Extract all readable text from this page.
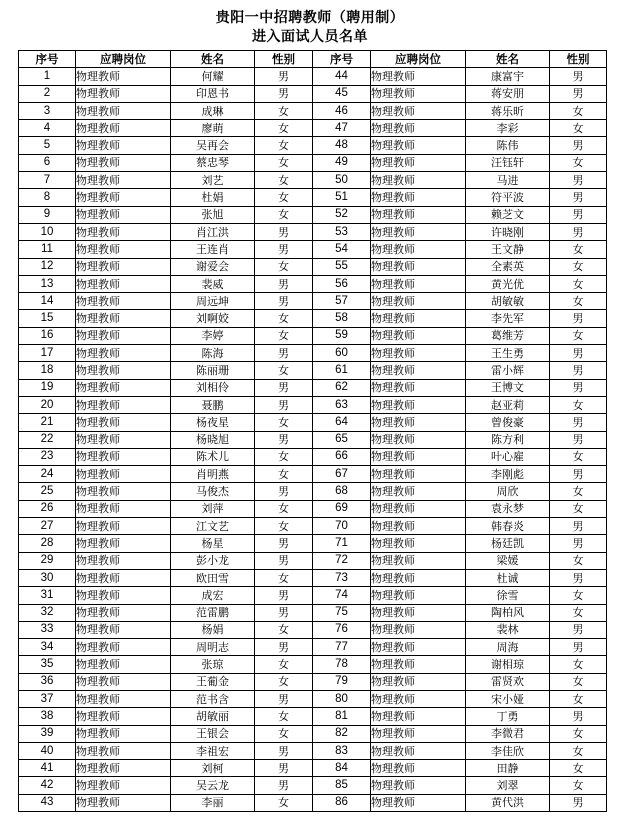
贵阳一中招聘教师（聘用制）
进入面试人员名单
序号	应聘岗位	姓名	性别	序号	应聘岗位	姓名	性别
1	物理教师	何耀	男	44	物理教师	康富宇	男
2	物理教师	印恩书	男	45	物理教师	蒋安朋	男
3	物理教师	成琳	女	46	物理教师	蒋乐昕	女
4	物理教师	廖萌	女	47	物理教师	李彩	女
5	物理教师	吴再会	女	48	物理教师	陈伟	男
6	物理教师	蔡忠琴	女	49	物理教师	汪钰轩	女
7	物理教师	刘艺	女	50	物理教师	马进	男
8	物理教师	杜娟	女	51	物理教师	符平波	男
9	物理教师	张旭	女	52	物理教师	赖芝文	男
10	物理教师	肖江洪	男	53	物理教师	许晓刚	男
11	物理教师	王连肖	男	54	物理教师	王文静	女
12	物理教师	谢爱会	女	55	物理教师	全素英	女
13	物理教师	裴威	男	56	物理教师	黄光优	女
14	物理教师	周远坤	男	57	物理教师	胡敏敏	女
15	物理教师	刘啊姣	女	58	物理教师	李先军	男
16	物理教师	李婷	女	59	物理教师	葛维芳	女
17	物理教师	陈海	男	60	物理教师	王生勇	男
18	物理教师	陈丽珊	女	61	物理教师	雷小辉	男
19	物理教师	刘相伶	男	62	物理教师	王博文	男
20	物理教师	聂鹏	男	63	物理教师	赵亚莉	女
21	物理教师	杨夜星	女	64	物理教师	曾俊豪	男
22	物理教师	杨晓旭	男	65	物理教师	陈方利	男
23	物理教师	陈术儿	女	66	物理教师	叶心雇	女
24	物理教师	肖明燕	女	67	物理教师	李刚彪	男
25	物理教师	马俊杰	男	68	物理教师	周欣	女
26	物理教师	刘萍	女	69	物理教师	袁永梦	女
27	物理教师	江文艺	女	70	物理教师	韩春炎	男
28	物理教师	杨星	男	71	物理教师	杨廷凯	男
29	物理教师	彭小龙	男	72	物理教师	梁媛	女
30	物理教师	欧田雪	女	73	物理教师	杜诚	男
31	物理教师	成宏	男	74	物理教师	徐雪	女
32	物理教师	范雷鹏	男	75	物理教师	陶柏风	女
33	物理教师	杨娟	女	76	物理教师	裴林	男
34	物理教师	周明志	男	77	物理教师	周海	男
35	物理教师	张琼	女	78	物理教师	谢相琼	女
36	物理教师	王葡金	女	79	物理教师	雷贤欢	女
37	物理教师	范书含	男	80	物理教师	宋小娅	女
38	物理教师	胡敏丽	女	81	物理教师	丁勇	男
39	物理教师	王银会	女	82	物理教师	李微君	女
40	物理教师	李祖宏	男	83	物理教师	李佳欣	女
41	物理教师	刘柯	男	84	物理教师	田静	女
42	物理教师	吴云龙	男	85	物理教师	刘翠	女
43	物理教师	李丽	女	86	物理教师	黄代洪	男
